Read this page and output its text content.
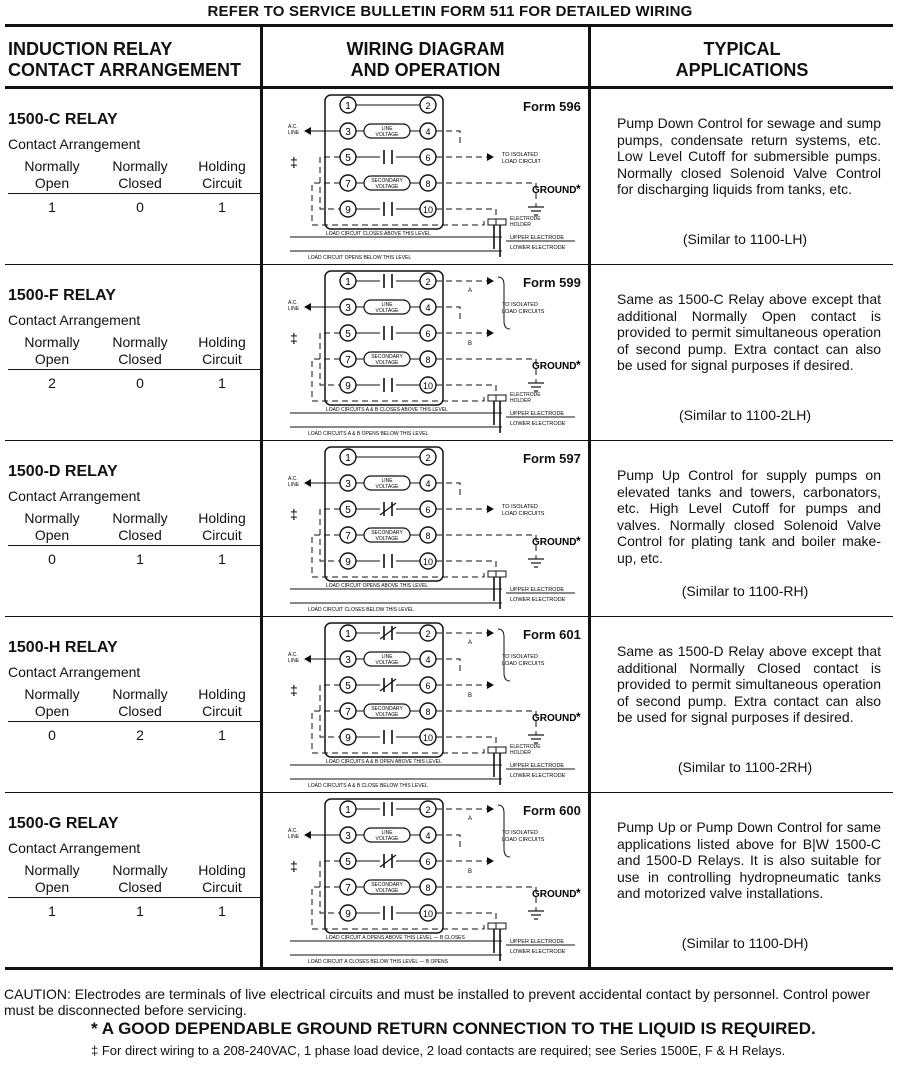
REFER TO SERVICE BULLETIN FORM 511 FOR DETAILED WIRING
INDUCTION RELAY
CONTACT ARRANGEMENT
WIRING DIAGRAM
AND OPERATION
TYPICAL
APPLICATIONS
1500-C RELAY
Contact Arrangement
Normally
Open
Normally
Closed
Holding
Circuit
1	0	1
1	2
3	4
5	6
7	8
9	10
LINE
VOLTAGE
SECONDARY
VOLTAGE
A.C.
LINE
‡	TO ISOLATED
LOAD CIRCUIT
GROUND *
ELECTRODE
HOLDER
LOAD CIRCUIT CLOSES ABOVE THIS LEVEL
UPPER ELECTRODE
LOWER ELECTRODE
LOAD CIRCUIT OPENS BELOW THIS LEVEL
Form 596
Pump Down Control for sewage and sump pumps, condensate return systems, etc. Low Level Cutoff for submersible pumps. Normally closed Solenoid Valve Control for discharging liquids from tanks, etc.
(Similar to 1100-LH)
1500-F RELAY
Contact Arrangement
Normally
Open
Normally
Closed
Holding
Circuit
2	0	1
1	2
3	4
5	6
7	8
9	10
LINE
VOLTAGE
SECONDARY
VOLTAGE
A.C.
LINE
‡
A
B
TO ISOLATED
LOAD CIRCUITS
GROUND *
ELECTRODE
HOLDER
LOAD CIRCUITS A & B CLOSES ABOVE THIS LEVEL
UPPER ELECTRODE
LOWER ELECTRODE
LOAD CIRCUITS A & B OPENS BELOW THIS LEVEL
Form 599
Same as 1500-C Relay above except that additional Normally Open contact is provided to permit simultaneous operation of second pump. Extra contact can also be used for signal purposes if desired.
(Similar to 1100-2LH)
1500-D RELAY
Contact Arrangement
Normally
Open
Normally
Closed
Holding
Circuit
0	1	1
1	2
3	4
5	6
7	8
9	10
LINE
VOLTAGE
SECONDARY
VOLTAGE
A.C.
LINE
‡	TO ISOLATED
LOAD CIRCUITS
GROUND *
LOAD CIRCUIT OPENS ABOVE THIS LEVEL
UPPER ELECTRODE
LOWER ELECTRODE
LOAD CIRCUIT CLOSES BELOW THIS LEVEL
Form 597
Pump Up Control for supply pumps on elevated tanks and towers, carbonators, etc. High Level Cutoff for pumps and valves. Normally closed Solenoid Valve Control for plating tank and boiler make-up, etc.
(Similar to 1100-RH)
1500-H RELAY
Contact Arrangement
Normally
Open
Normally
Closed
Holding
Circuit
0	2	1
1	2
3	4
5	6
7	8
9	10
LINE
VOLTAGE
SECONDARY
VOLTAGE
A.C.
LINE
‡
A
B
TO ISOLATED
LOAD CIRCUITS
GROUND *
ELECTRODE
HOLDER
LOAD CIRCUITS A & B OPEN ABOVE THIS LEVEL
UPPER ELECTRODE
LOWER ELECTRODE
LOAD CIRCUITS A & B CLOSE BELOW THIS LEVEL
Form 601
Same as 1500-D Relay above except that additional Normally Closed contact is provided to permit simultaneous operation of second pump. Extra contact can also be used for signal purposes if desired.
(Similar to 1100-2RH)
1500-G RELAY
Contact Arrangement
Normally
Open
Normally
Closed
Holding
Circuit
1	1	1
1	2
3	4
5	6
7	8
9	10
LINE
VOLTAGE
SECONDARY
VOLTAGE
A.C.
LINE
‡
A
B
TO ISOLATED
LOAD CIRCUITS
GROUND *
LOAD CIRCUIT A OPENS ABOVE THIS LEVEL — B CLOSES
UPPER ELECTRODE
LOWER ELECTRODE
LOAD CIRCUIT A CLOSES BELOW THIS LEVEL — B OPENS
Form 600
Pump Up or Pump Down Control for same applications listed above for B|W 1500-C and 1500-D Relays. It is also suitable for use in controlling hydropneumatic tanks and motorized valve installations.
(Similar to 1100-DH)
CAUTION: Electrodes are terminals of live electrical circuits and must be installed to prevent accidental contact by personnel. Control power must be disconnected before servicing.
* A GOOD DEPENDABLE GROUND RETURN CONNECTION TO THE LIQUID IS REQUIRED.
‡ For direct wiring to a 208-240VAC, 1 phase load device, 2 load contacts are required; see Series 1500E, F & H Relays.
